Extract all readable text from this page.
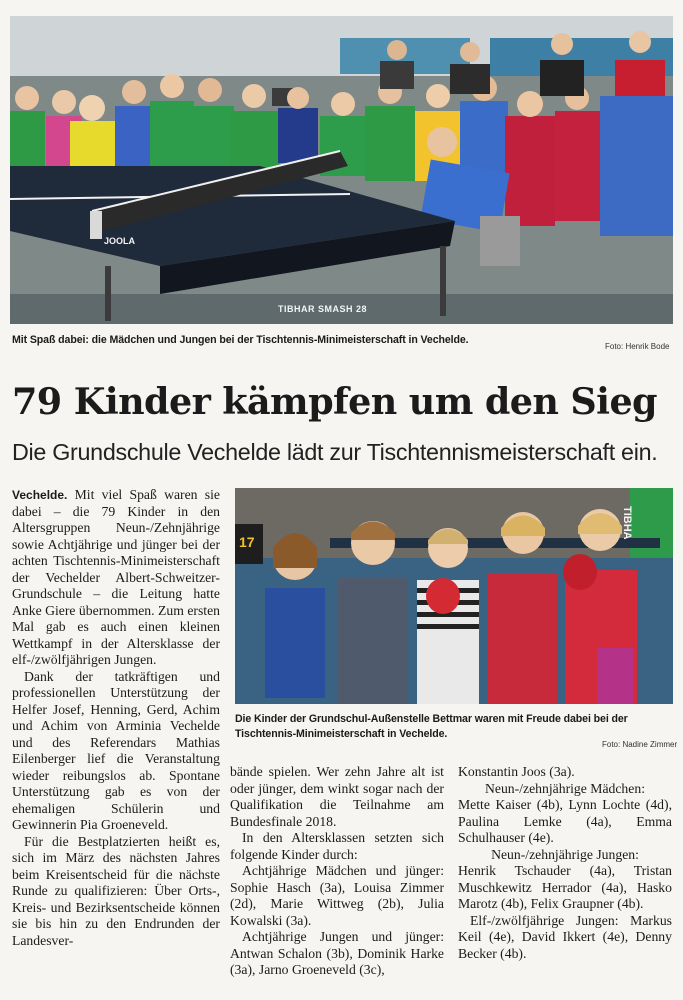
JOOLA
TIBHAR SMASH 28
Mit Spaß dabei: die Mädchen und Jungen bei der Tischtennis-Minimeisterschaft in Vechelde.
Foto: Henrik Bode
79 Kinder kämpfen um den Sieg
Die Grundschule Vechelde lädt zur Tischtennismeisterschaft ein.

Vechelde. Mit viel Spaß waren sie dabei – die 79 Kinder in den Altersgruppen Neun-/Zehnjährige sowie Achtjährige und jünger bei der achten Tischtennis-Minimeisterschaft der Vechelder Albert-Schweitzer-Grundschule – die Leitung hatte Anke Giere übernommen. Zum ersten Mal gab es auch einen kleinen Wettkampf in der Altersklasse der elf-/zwölfjährigen Jungen.

Dank der tatkräftigen und professionellen Unterstützung der Helfer Josef, Henning, Gerd, Achim und Achim von Arminia Vechelde und des Referendars Mathias Eilenberger lief die Veranstaltung wieder reibungslos ab. Spontane Unterstützung gab es von der ehemaligen Schülerin und Gewinnerin Pia Groeneveld.

Für die Bestplatzierten heißt es, sich im März des nächsten Jahres beim Kreisentscheid für die nächste Runde zu qualifizieren: Über Orts-, Kreis- und Bezirksentscheide können sie bis hin zu den Endrunden der Landesver-

17
TIBHA
Die Kinder der Grundschul-Außenstelle Bettmar waren mit Freude dabei bei der Tischtennis-Minimeisterschaft in Vechelde.
Foto: Nadine Zimmer

bände spielen. Wer zehn Jahre alt ist oder jünger, dem winkt sogar nach der Qualifikation die Teilnahme am Bundesfinale 2018.

In den Altersklassen setzten sich folgende Kinder durch:

Achtjährige Mädchen und jünger: Sophie Hasch (3a), Louisa Zimmer (2d), Marie Wittweg (2b), Julia Kowalski (3a).

Achtjährige Jungen und jünger: Antwan Schalon (3b), Dominik Harke (3a), Jarno Groeneveld (3c),

Konstantin Joos (3a).

Neun-/zehnjährige Mädchen:

Mette Kaiser (4b), Lynn Lochte (4d), Paulina Lemke (4a), Emma Schulhauser (4e).

Neun-/zehnjährige Jungen:

Henrik Tschauder (4a), Tristan Muschkewitz Herrador (4a), Hasko Marotz (4b), Felix Graupner (4b).

Elf-/zwölfjährige Jungen: Markus Keil (4e), David Ikkert (4e), Denny Becker (4b).
